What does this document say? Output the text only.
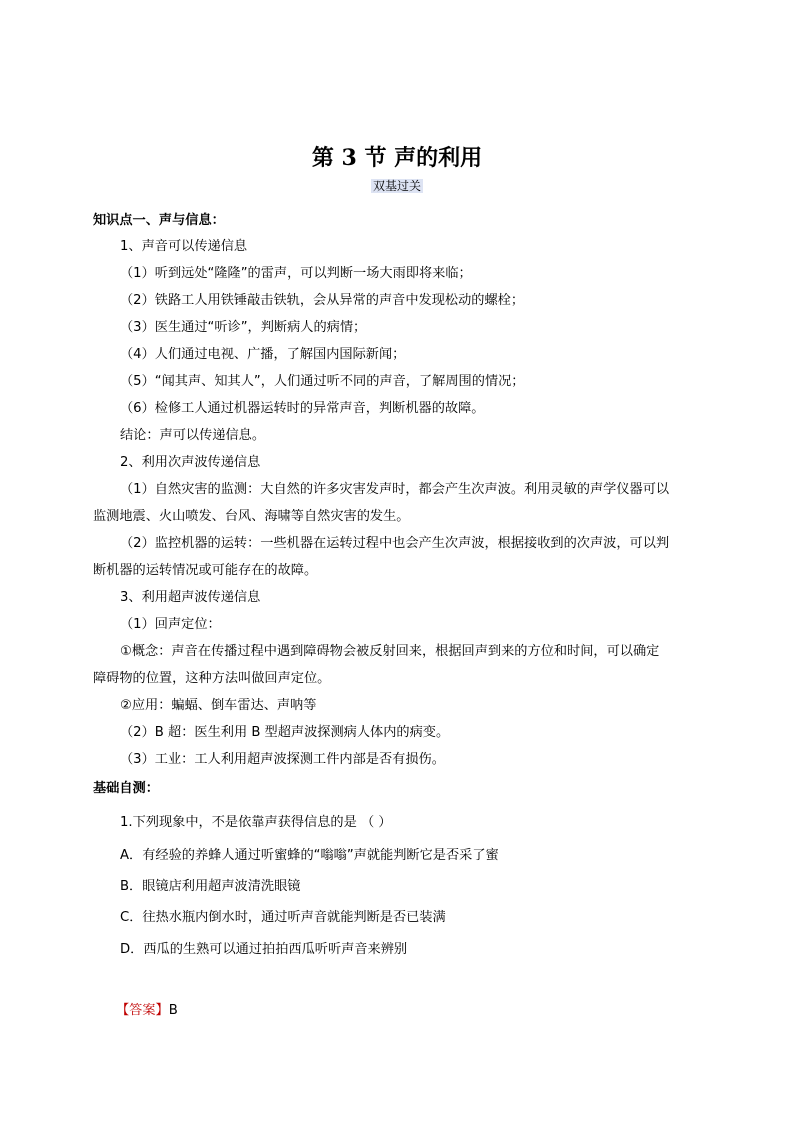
第 3 节 声的利用
双基过关
知识点一、声与信息：
1、声音可以传递信息
（1）听到远处“隆隆”的雷声，可以判断一场大雨即将来临；
（2）铁路工人用铁锤敲击铁轨，会从异常的声音中发现松动的螺栓；
（3）医生通过“听诊”，判断病人的病情；
（4）人们通过电视、广播，了解国内国际新闻；
（5）“闻其声、知其人”，人们通过听不同的声音，了解周围的情况；
（6）检修工人通过机器运转时的异常声音，判断机器的故障。
结论：声可以传递信息。
2、利用次声波传递信息
（1）自然灾害的监测：大自然的许多灾害发声时，都会产生次声波。利用灵敏的声学仪器可以
监测地震、火山喷发、台风、海啸等自然灾害的发生。
（2）监控机器的运转：一些机器在运转过程中也会产生次声波，根据接收到的次声波，可以判
断机器的运转情况或可能存在的故障。
3、利用超声波传递信息
（1）回声定位：
①概念：声音在传播过程中遇到障碍物会被反射回来，根据回声到来的方位和时间，可以确定
障碍物的位置，这种方法叫做回声定位。
②应用：蝙蝠、倒车雷达、声呐等
（2）B 超：医生利用 B 型超声波探测病人体内的病变。
（3）工业：工人利用超声波探测工件内部是否有损伤。
基础自测：
1.下列现象中，不是依靠声获得信息的是 （ ）
A．有经验的养蜂人通过听蜜蜂的“嗡嗡”声就能判断它是否采了蜜
B．眼镜店利用超声波清洗眼镜
C．往热水瓶内倒水时，通过听声音就能判断是否已装满
D．西瓜的生熟可以通过拍拍西瓜听听声音来辨别
【答案】B
